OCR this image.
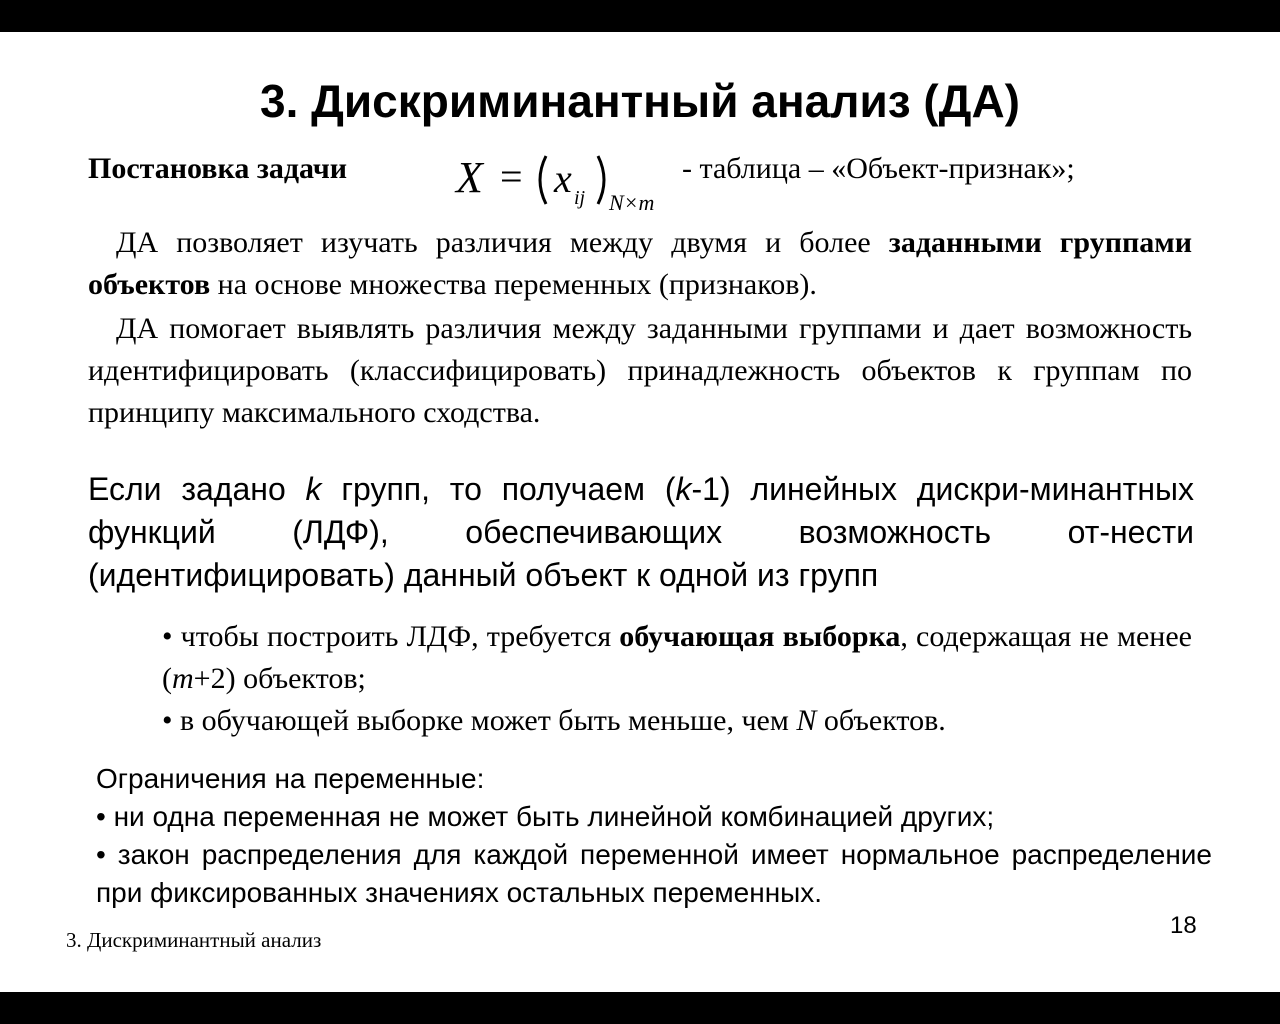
3. Дискриминантный анализ (ДА)
Постановка задачи X = x ij N×m
- таблица – «Объект-признак»;

ДА позволяет изучать различия между двумя и более заданными группами объектов на основе множества переменных (признаков).

ДА помогает выявлять различия между заданными группами и дает возможность идентифицировать (классифицировать) принадлежность объектов к группам по принципу максимального сходства.

Если задано k групп, то получаем (k-1) линейных дискри-минантных функций (ЛДФ), обеспечивающих возможность от-нести (идентифицировать) данный объект к одной из групп

• чтобы построить ЛДФ, требуется обучающая выборка, содержащая не менее (m+2) объектов;

• в обучающей выборке может быть меньше, чем N объектов.

Ограничения на переменные:

• ни одна переменная не может быть линейной комбинацией других;

• закон распределения для каждой переменной имеет нормальное распределение при фиксированных значениях остальных переменных.

3. Дискриминантный анализ
18
